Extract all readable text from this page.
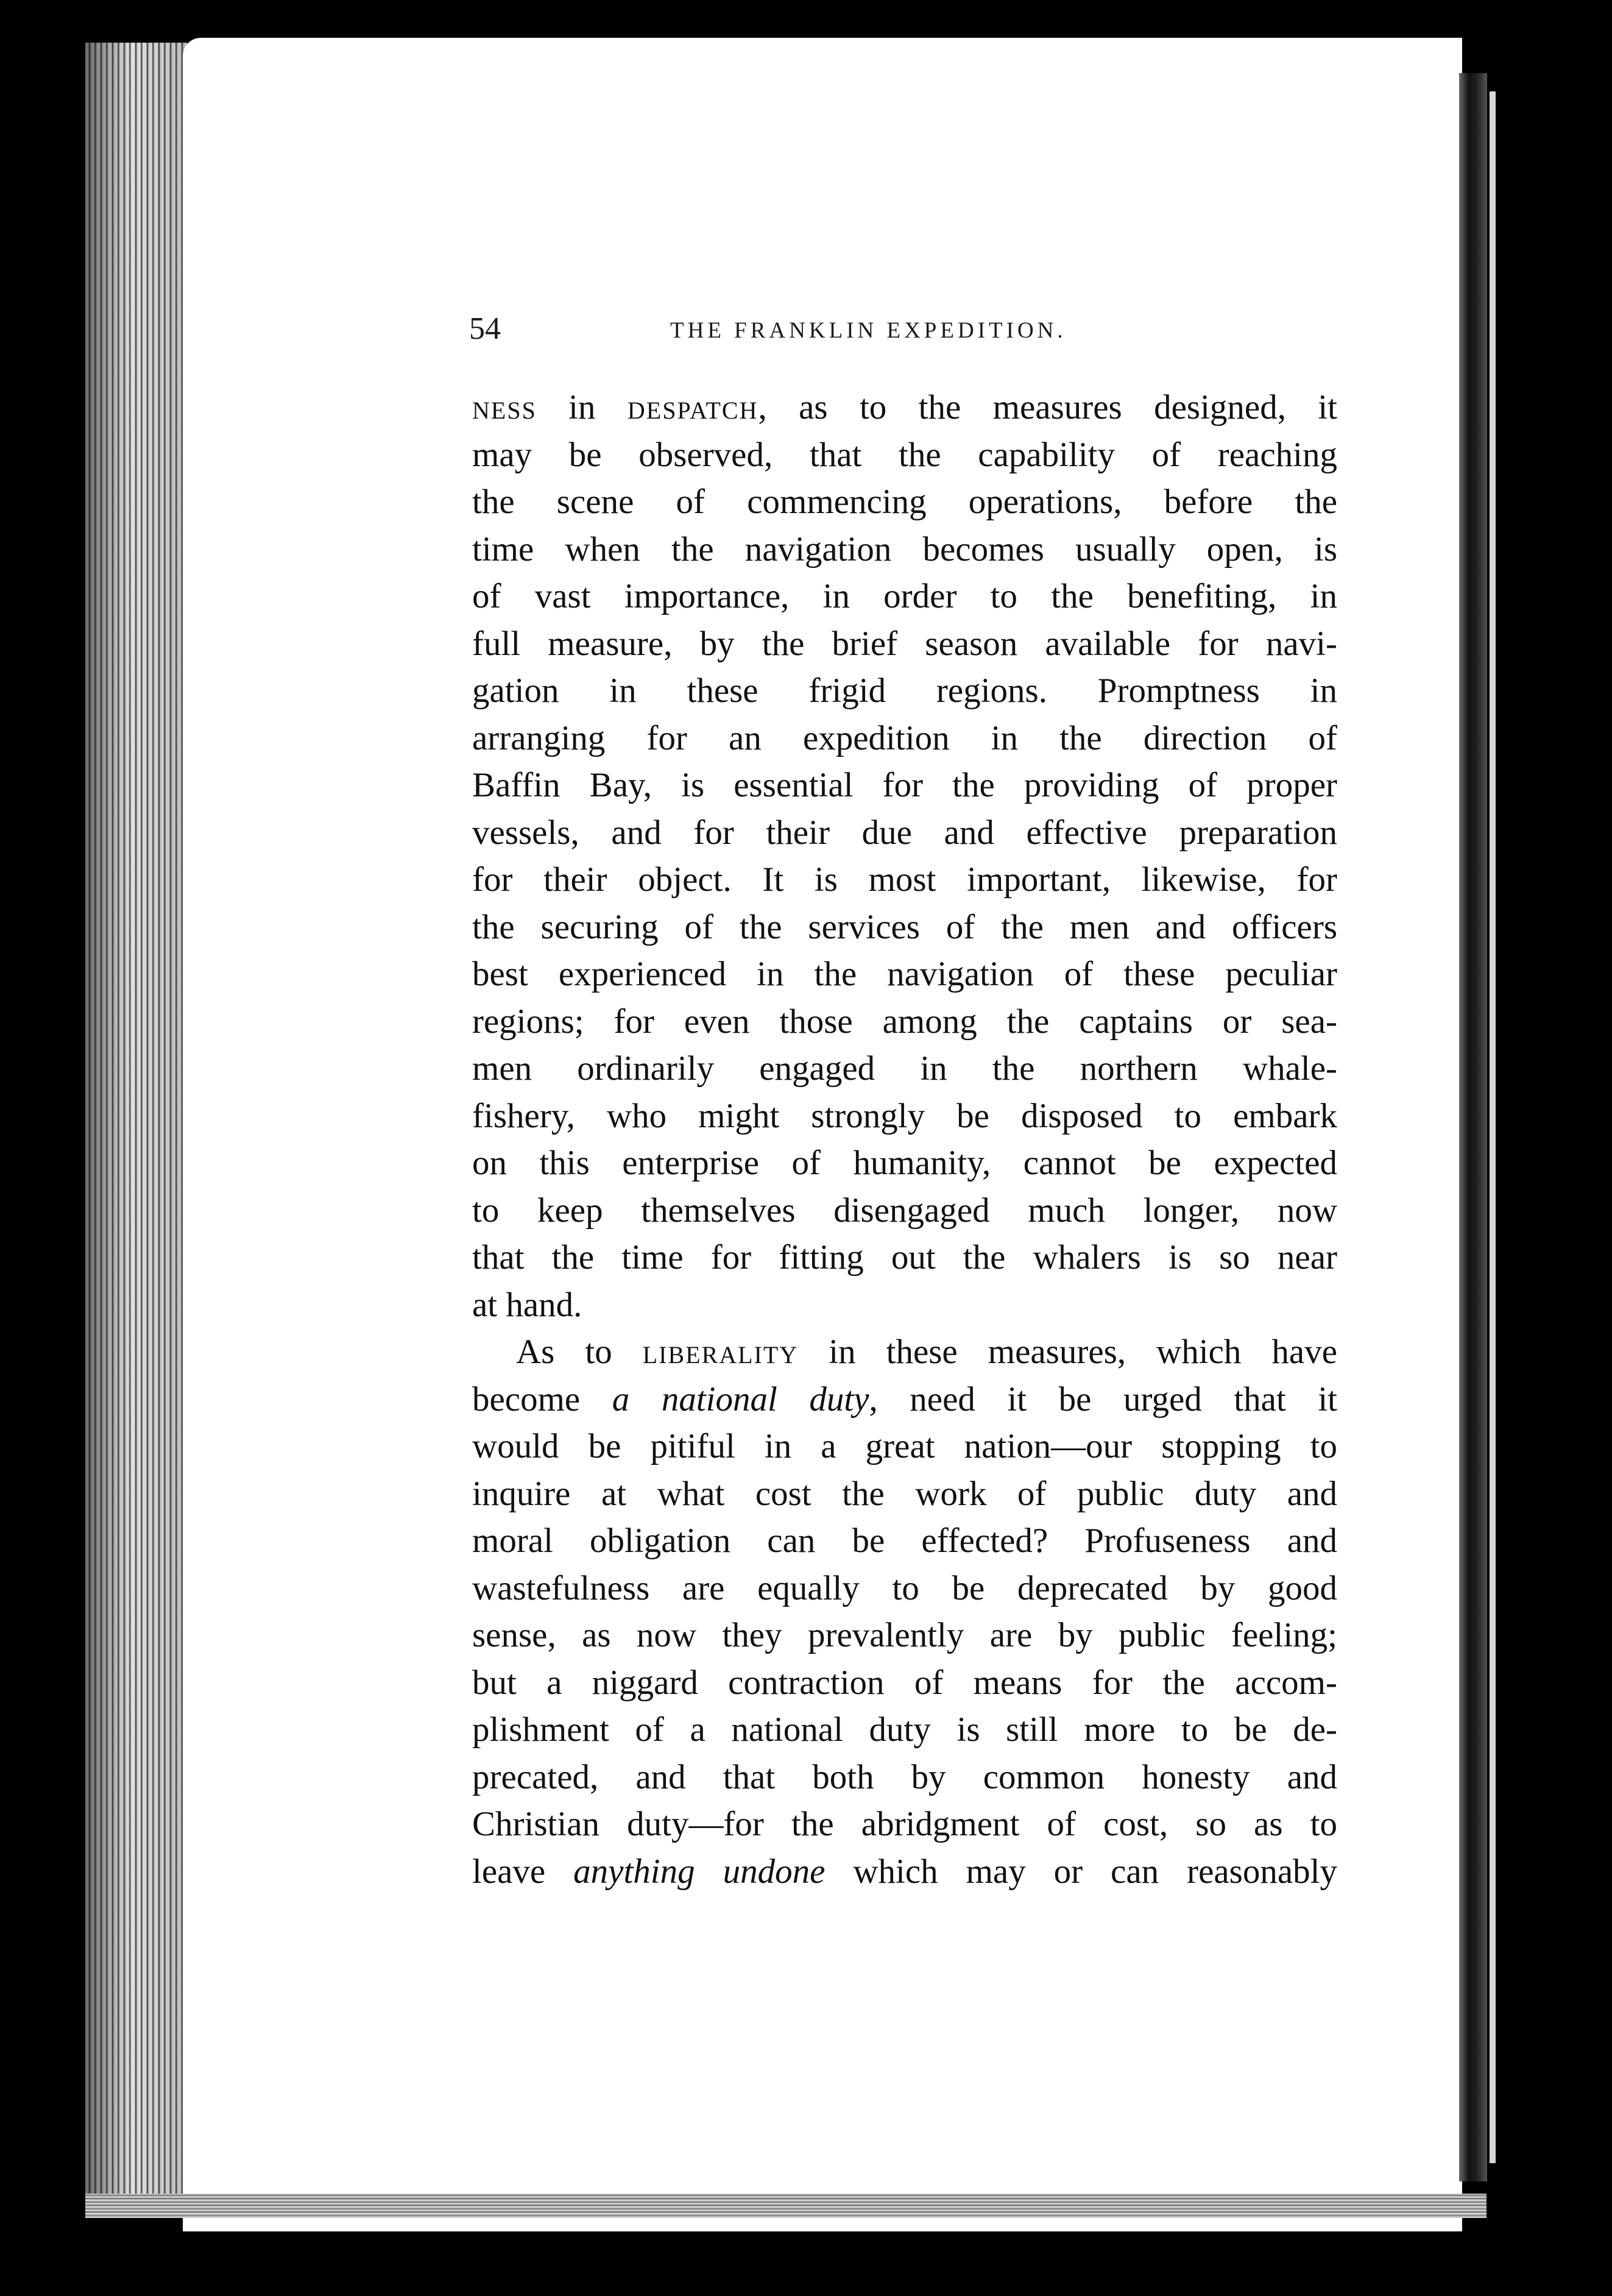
54	THE FRANKLIN EXPEDITION.
ness in despatch, as to the measures designed, it
may be observed, that the capability of reaching
the scene of commencing operations, before the
time when the navigation becomes usually open, is
of vast importance, in order to the benefiting, in
full measure, by the brief season available for navi-
gation in these frigid regions. Promptness in
arranging for an expedition in the direction of
Baffin Bay, is essential for the providing of proper
vessels, and for their due and effective preparation
for their object. It is most important, likewise, for
the securing of the services of the men and officers
best experienced in the navigation of these peculiar
regions; for even those among the captains or sea-
men ordinarily engaged in the northern whale-
fishery, who might strongly be disposed to embark
on this enterprise of humanity, cannot be expected
to keep themselves disengaged much longer, now
that the time for fitting out the whalers is so near
at hand.
As to liberality in these measures, which have
become a national duty, need it be urged that it
would be pitiful in a great nation—our stopping to
inquire at what cost the work of public duty and
moral obligation can be effected? Profuseness and
wastefulness are equally to be deprecated by good
sense, as now they prevalently are by public feeling;
but a niggard contraction of means for the accom-
plishment of a national duty is still more to be de-
precated, and that both by common honesty and
Christian duty—for the abridgment of cost, so as to
leave anything undone which may or can reasonably
